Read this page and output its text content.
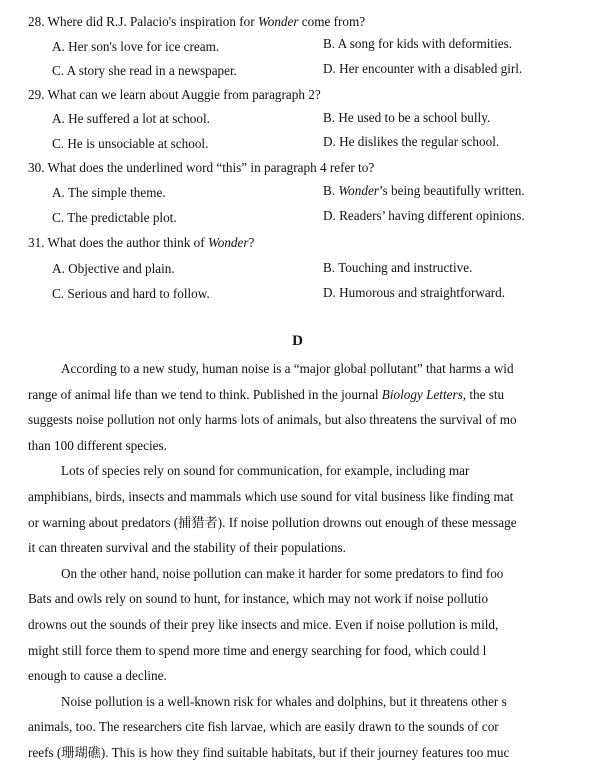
28. Where did R.J. Palacio's inspiration for Wonder come from?
A. Her son's love for ice cream.	B. A song for kids with deformities.
C. A story she read in a newspaper.	D. Her encounter with a disabled girl.
29. What can we learn about Auggie from paragraph 2?
A. He suffered a lot at school.	B. He used to be a school bully.
C. He is unsociable at school.	D. He dislikes the regular school.
30. What does the underlined word “this” in paragraph 4 refer to?
A. The simple theme.	B. Wonder’s being beautifully written.
C. The predictable plot.	D. Readers’ having different opinions.
31. What does the author think of Wonder?
A. Objective and plain.	B. Touching and instructive.
C. Serious and hard to follow.	D. Humorous and straightforward.
D
According to a new study, human noise is a “major global pollutant” that harms a wid
range of animal life than we tend to think. Published in the journal Biology Letters, the stu
suggests noise pollution not only harms lots of animals, but also threatens the survival of mo
than 100 different species.
Lots of species rely on sound for communication, for example, including mar
amphibians, birds, insects and mammals which use sound for vital business like finding mat
or warning about predators (捕猎者). If noise pollution drowns out enough of these message
it can threaten survival and the stability of their populations.
On the other hand, noise pollution can make it harder for some predators to find foo
Bats and owls rely on sound to hunt, for instance, which may not work if noise pollutio
drowns out the sounds of their prey like insects and mice. Even if noise pollution is mild,
might still force them to spend more time and energy searching for food, which could l
enough to cause a decline.
Noise pollution is a well-known risk for whales and dolphins, but it threatens other s
animals, too. The researchers cite fish larvae, which are easily drawn to the sounds of cor
reefs (珊瑚礁). This is how they find suitable habitats, but if their journey features too muc
